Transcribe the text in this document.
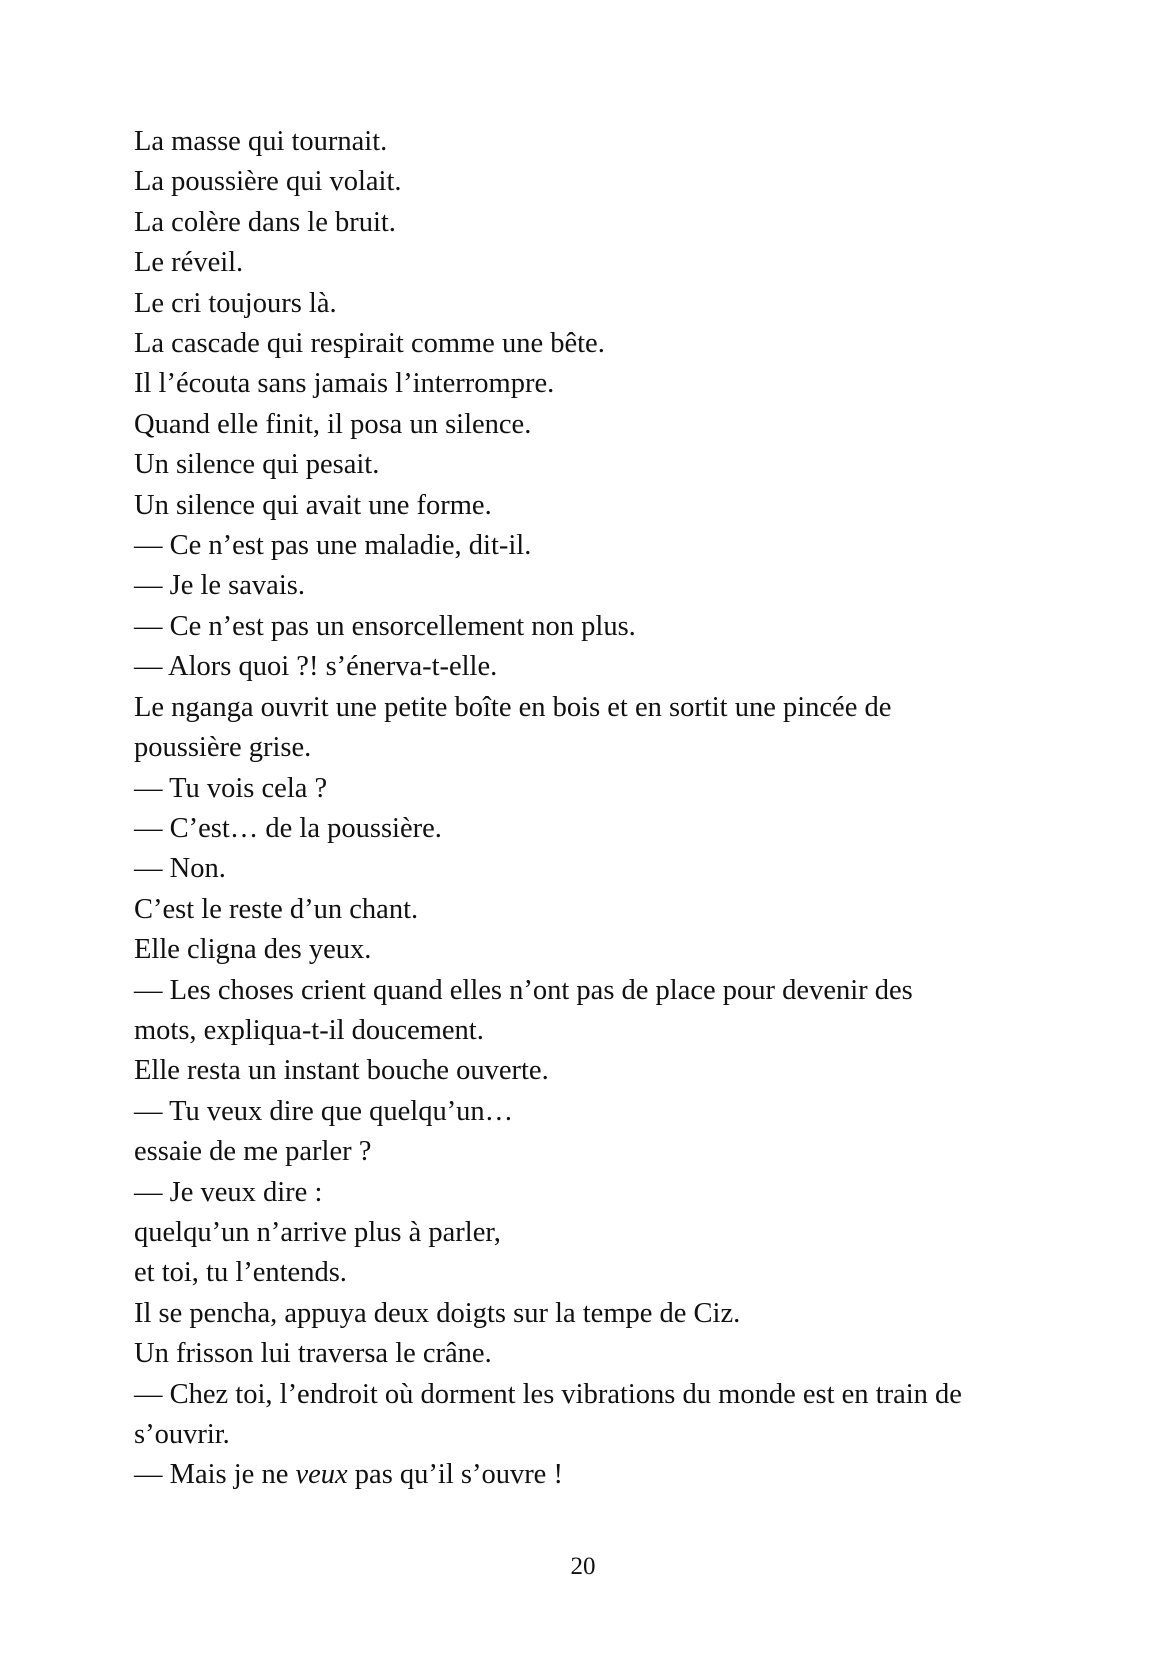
La masse qui tournait.
La poussière qui volait.
La colère dans le bruit.
Le réveil.
Le cri toujours là.
La cascade qui respirait comme une bête.
Il l’écouta sans jamais l’interrompre.
Quand elle finit, il posa un silence.
Un silence qui pesait.
Un silence qui avait une forme.
— Ce n’est pas une maladie, dit-il.
— Je le savais.
— Ce n’est pas un ensorcellement non plus.
— Alors quoi ?! s’énerva-t-elle.
Le nganga ouvrit une petite boîte en bois et en sortit une pincée de
poussière grise.
— Tu vois cela ?
— C’est… de la poussière.
— Non.
C’est le reste d’un chant.
Elle cligna des yeux.
— Les choses crient quand elles n’ont pas de place pour devenir des
mots, expliqua-t-il doucement.
Elle resta un instant bouche ouverte.
— Tu veux dire que quelqu’un…
essaie de me parler ?
— Je veux dire :
quelqu’un n’arrive plus à parler,
et toi, tu l’entends.
Il se pencha, appuya deux doigts sur la tempe de Ciz.
Un frisson lui traversa le crâne.
— Chez toi, l’endroit où dorment les vibrations du monde est en train de
s’ouvrir.
— Mais je ne veux pas qu’il s’ouvre !
20
